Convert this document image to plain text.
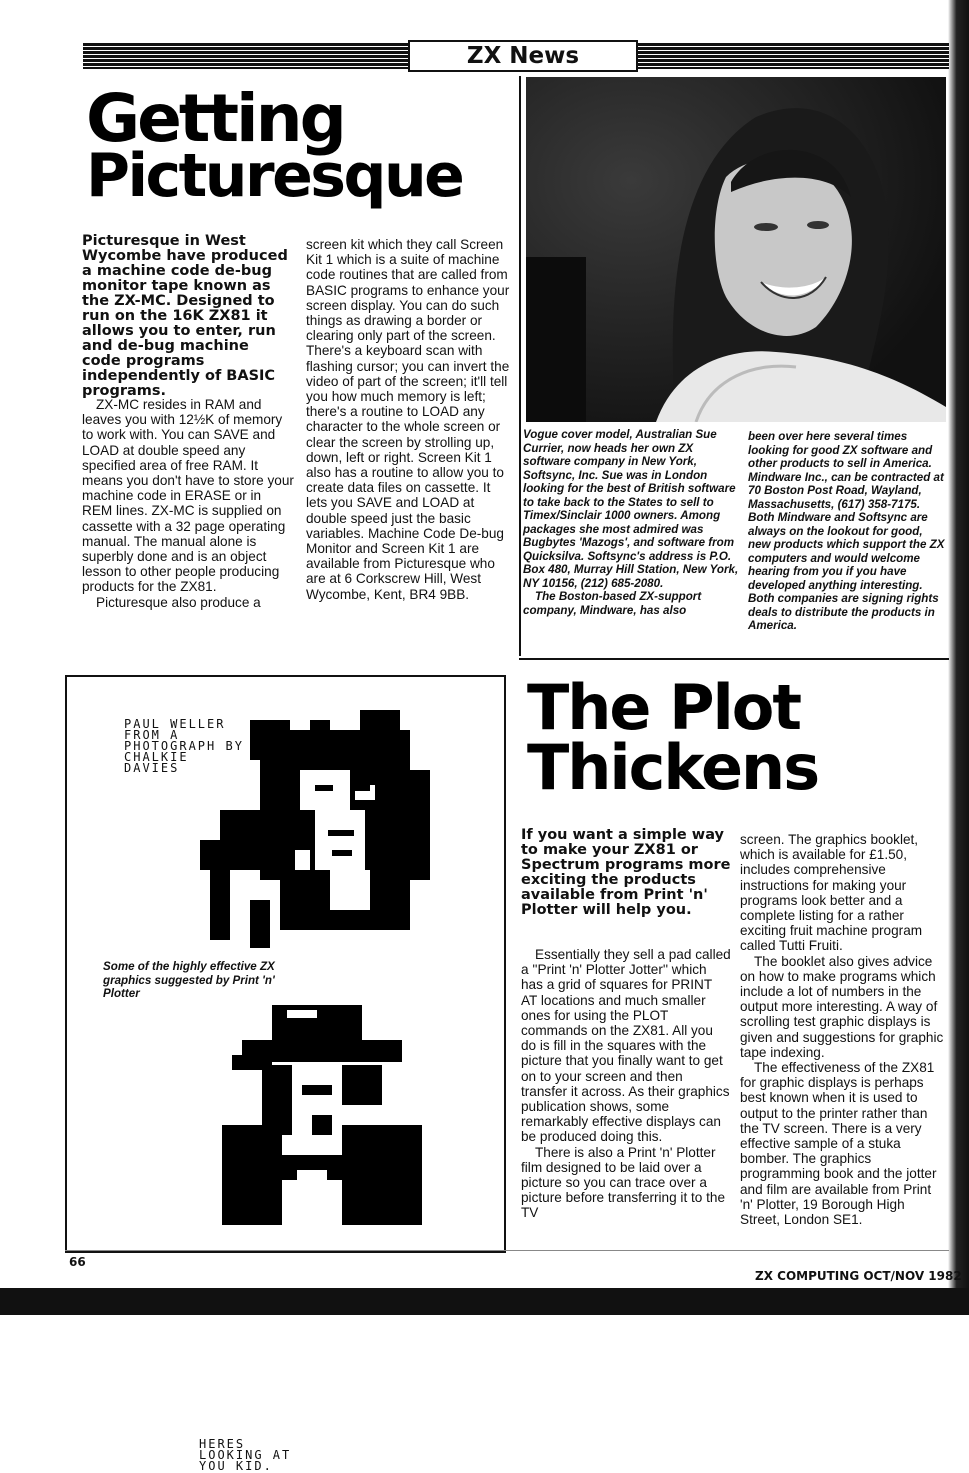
ZX News
Getting
Picturesque
Picturesque in West Wycombe have produced a machine code de-bug monitor tape known as the ZX-MC. Designed to run on the 16K ZX81 it allows you to enter, run and de-bug machine code programs independently of BASIC programs.

ZX-MC resides in RAM and leaves you with 12½K of memory to work with. You can SAVE and LOAD at double speed any specified area of free RAM. It means you don't have to store your machine code in ERASE or in REM lines. ZX-MC is supplied on cassette with a 32 page operating manual. The manual alone is superbly done and is an object lesson to other people producing products for the ZX81.

Picturesque also produce a

screen kit which they call Screen Kit 1 which is a suite of machine code routines that are called from BASIC programs to enhance your screen display. You can do such things as drawing a border or clearing only part of the screen. There's a keyboard scan with flashing cursor; you can invert the video of part of the screen; it'll tell you how much memory is left; there's a routine to LOAD any character to the whole screen or clear the screen by strolling up, down, left or right. Screen Kit 1 also has a routine to allow you to create data files on cassette. It lets you SAVE and LOAD at double speed just the basic variables. Machine Code De-bug Monitor and Screen Kit 1 are available from Picturesque who are at 6 Corkscrew Hill, West Wycombe, Kent, BR4 9BB.

Vogue cover model, Australian Sue Currier, now heads her own ZX software company in New York, Softsync, Inc. Sue was in London looking for the best of British software to take back to the States to sell to Timex/Sinclair 1000 owners. Among packages she most admired was Bugbytes 'Mazogs', and software from Quicksilva. Softsync's address is P.O. Box 480, Murray Hill Station, New York, NY 10156, (212) 685-2080.

The Boston-based ZX-support company, Mindware, has also

been over here several times looking for good ZX software and other products to sell in America. Mindware Inc., can be contracted at 70 Boston Post Road, Wayland, Massachusetts, (617) 358-7175. Both Mindware and Softsync are always on the lookout for good, new products which support the ZX computers and would welcome hearing from you if you have developed anything interesting. Both companies are signing rights deals to distribute the products in America.

PAUL WELLER
FROM A
PHOTOGRAPH BY
CHALKIE
DAVIES
Some of the highly effective ZX graphics suggested by Print 'n' Plotter
HERES
LOOKING AT
YOU KID.
The Plot
Thickens
If you want a simple way to make your ZX81 or Spectrum programs more exciting the products available from Print 'n' Plotter will help you.

Essentially they sell a pad called a ''Print 'n' Plotter Jotter'' which has a grid of squares for PRINT AT locations and much smaller ones for using the PLOT commands on the ZX81. All you do is fill in the squares with the picture that you finally want to get on to your screen and then transfer it across. As their graphics publication shows, some remarkably effective displays can be produced doing this.

There is also a Print 'n' Plotter film designed to be laid over a picture so you can trace over a picture before transferring it to the TV

screen. The graphics booklet, which is available for £1.50, includes comprehensive instructions for making your programs look better and a complete listing for a rather exciting fruit machine program called Tutti Fruiti.

The booklet also gives advice on how to make programs which include a lot of numbers in the output more interesting. A way of scrolling test graphic displays is given and suggestions for graphic tape indexing.

The effectiveness of the ZX81 for graphic displays is perhaps best known when it is used to output to the printer rather than the TV screen. There is a very effective sample of a stuka bomber. The graphics programming book and the jotter and film are available from Print 'n' Plotter, 19 Borough High Street, London SE1.

66
ZX COMPUTING OCT/NOV 1982
